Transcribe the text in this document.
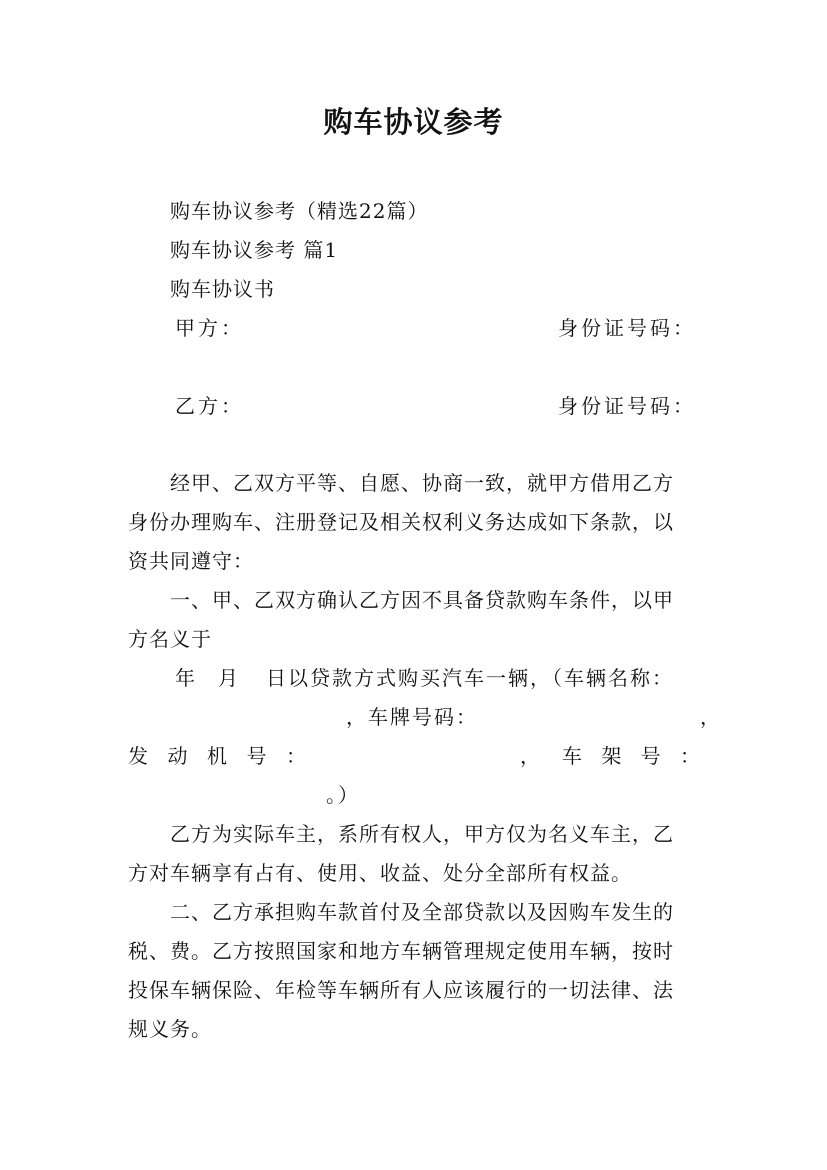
购车协议参考
购车协议参考（精选22篇）
购车协议参考 篇1
购车协议书
甲方：	身份证号码：
乙方：	身份证号码：
经甲、乙双方平等、自愿、协商一致，就甲方借用乙方
身份办理购车、注册登记及相关权利义务达成如下条款，以
资共同遵守：
一、甲、乙双方确认乙方因不具备贷款购车条件，以甲
方名义于
年 月 日以贷款方式购买汽车一辆，（车辆名称：
，车牌号码：	，
发 动 机 号 ：	， 车 架 号 ：
。）
乙方为实际车主，系所有权人，甲方仅为名义车主，乙
方对车辆享有占有、使用、收益、处分全部所有权益。
二、乙方承担购车款首付及全部贷款以及因购车发生的
税、费。乙方按照国家和地方车辆管理规定使用车辆，按时
投保车辆保险、年检等车辆所有人应该履行的一切法律、法
规义务。
